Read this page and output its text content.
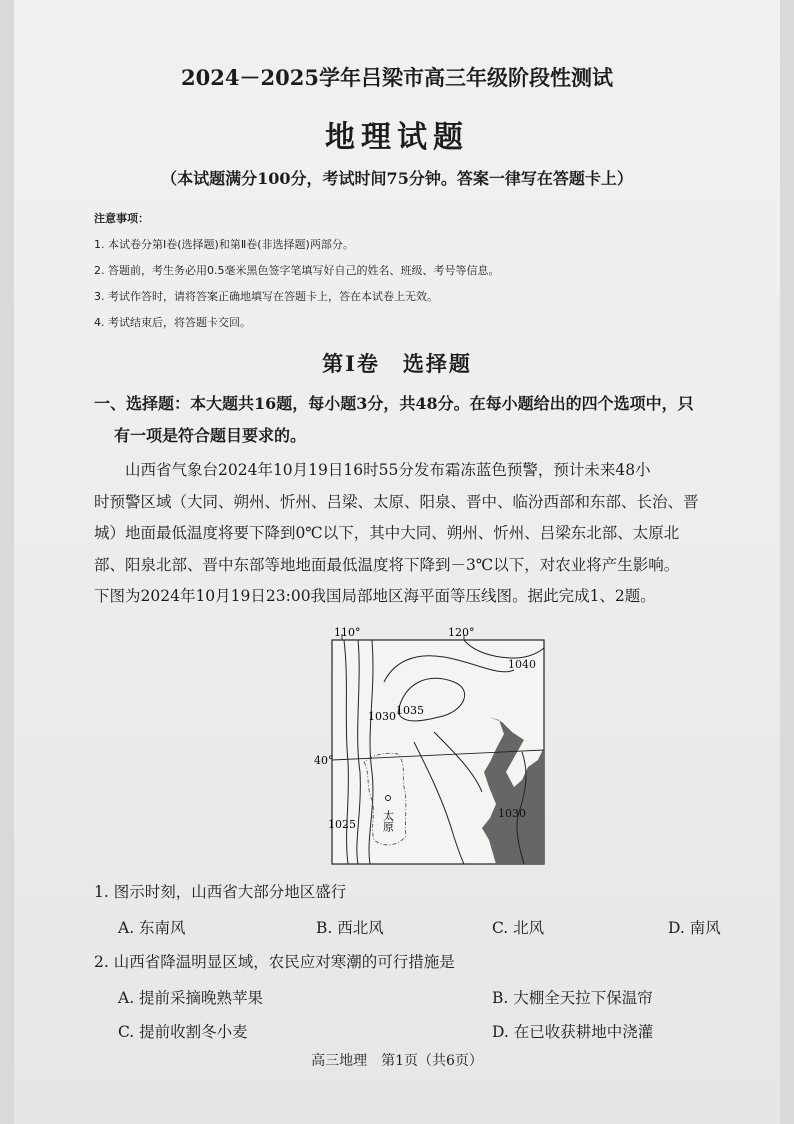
2024－2025学年吕梁市高三年级阶段性测试
地理试题
（本试题满分100分，考试时间75分钟。答案一律写在答题卡上）
注意事项：
1. 本试卷分第Ⅰ卷(选择题)和第Ⅱ卷(非选择题)两部分。
2. 答题前，考生务必用0.5毫米黑色签字笔填写好自己的姓名、班级、考号等信息。
3. 考试作答时，请将答案正确地填写在答题卡上，答在本试卷上无效。
4. 考试结束后，将答题卡交回。
第Ⅰ卷　选择题
一、选择题：本大题共16题，每小题3分，共48分。在每小题给出的四个选项中，只
有一项是符合题目要求的。

　　山西省气象台2024年10月19日16时55分发布霜冻蓝色预警，预计未来48小

时预警区域（大同、朔州、忻州、吕梁、太原、阳泉、晋中、临汾西部和东部、长治、晋

城）地面最低温度将要下降到0℃以下，其中大同、朔州、忻州、吕梁东北部、太原北

部、阳泉北部、晋中东部等地地面最低温度将下降到－3℃以下，对农业将产生影响。

下图为2024年10月19日23:00我国局部地区海平面等压线图。据此完成1、2题。

110°	120°
40°
1040
1030 1035
1025
1030
太原
1. 图示时刻，山西省大部分地区盛行
A. 东南风	B. 西北风	C. 北风	D. 南风
2. 山西省降温明显区域，农民应对寒潮的可行措施是
A. 提前采摘晚熟苹果	B. 大棚全天拉下保温帘
C. 提前收割冬小麦	D. 在已收获耕地中浇灌
高三地理　第1页（共6页）
